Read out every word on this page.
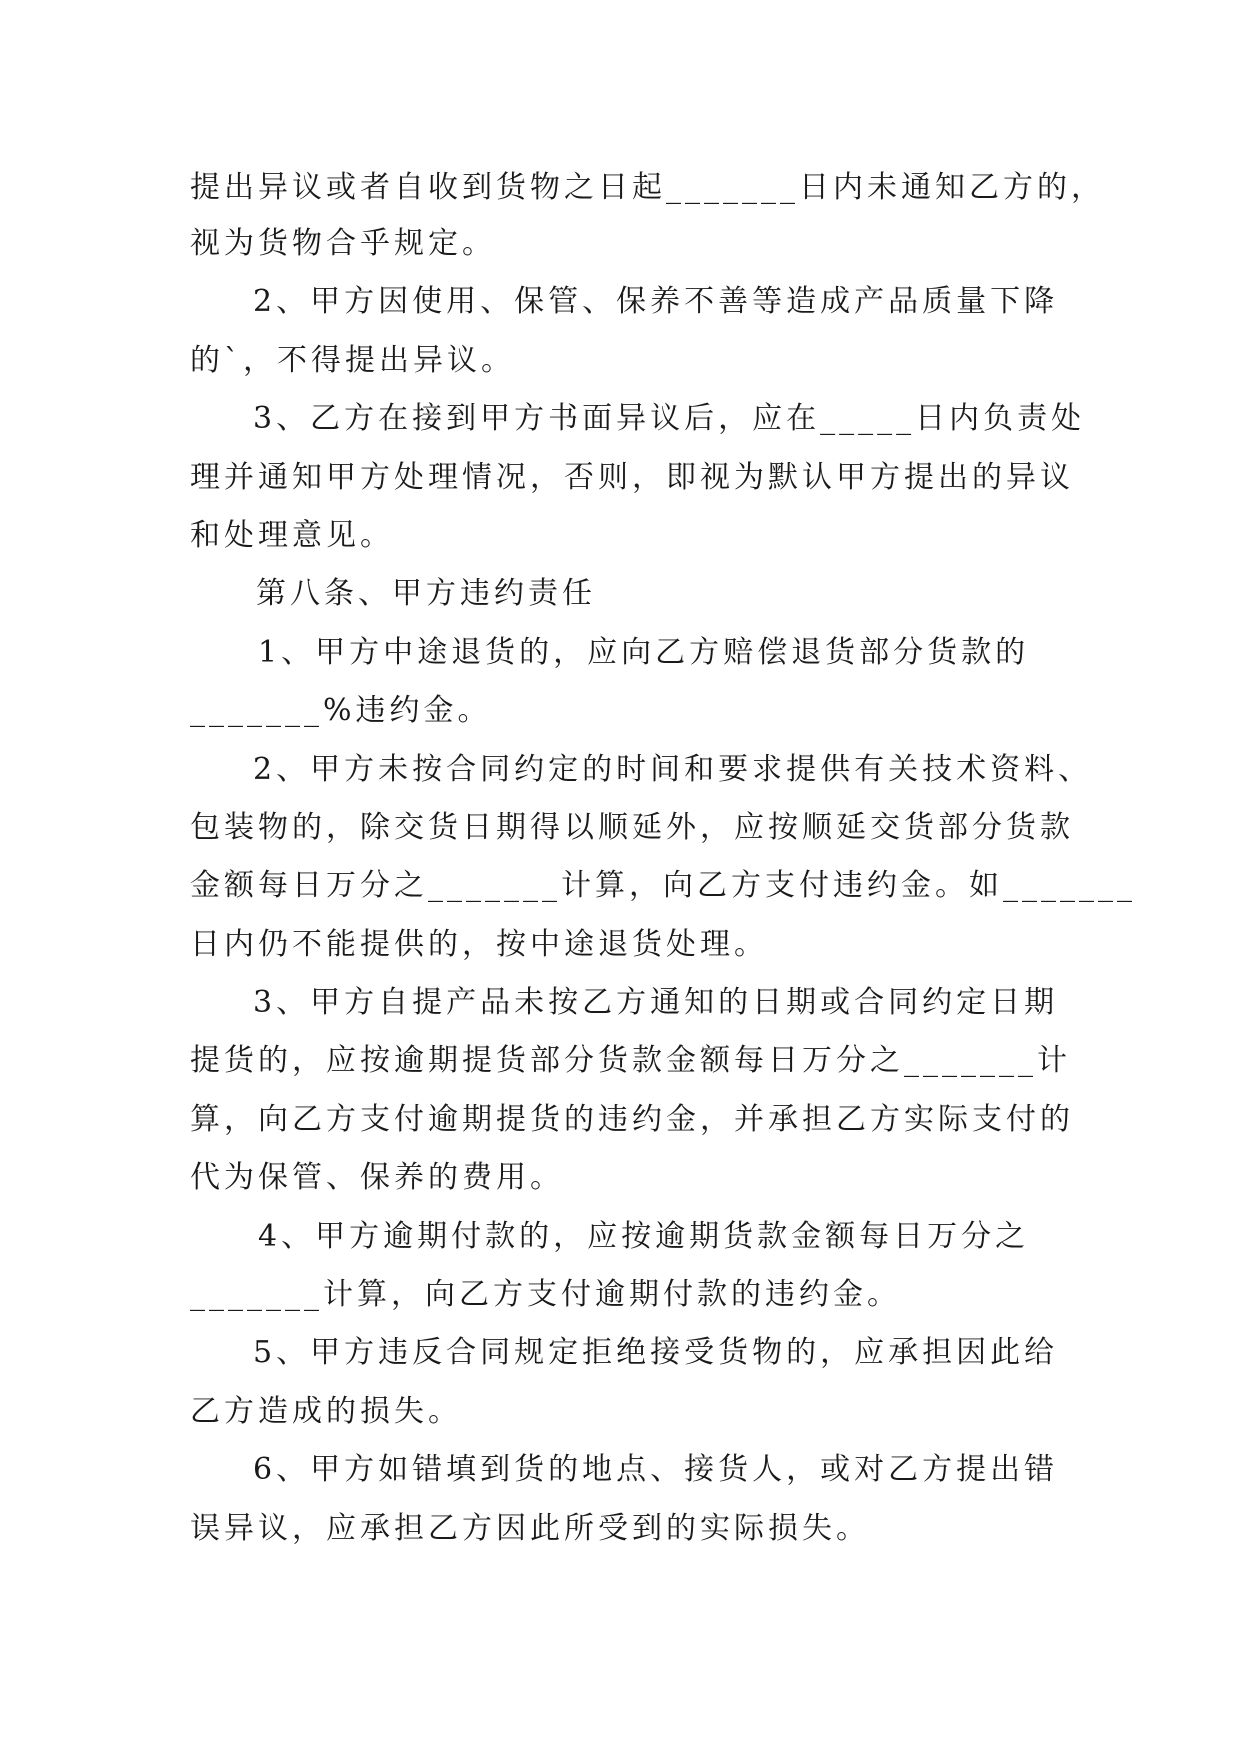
提出异议或者自收到货物之日起_______日内未通知乙方的，
视为货物合乎规定。
2、甲方因使用、保管、保养不善等造成产品质量下降
的`，不得提出异议。
3、乙方在接到甲方书面异议后，应在_____日内负责处
理并通知甲方处理情况，否则，即视为默认甲方提出的异议
和处理意见。
第八条、甲方违约责任
1、甲方中途退货的，应向乙方赔偿退货部分货款的
_______%违约金。
2、甲方未按合同约定的时间和要求提供有关技术资料、
包装物的，除交货日期得以顺延外，应按顺延交货部分货款
金额每日万分之_______计算，向乙方支付违约金。如_______
日内仍不能提供的，按中途退货处理。
3、甲方自提产品未按乙方通知的日期或合同约定日期
提货的，应按逾期提货部分货款金额每日万分之_______计
算，向乙方支付逾期提货的违约金，并承担乙方实际支付的
代为保管、保养的费用。
4、甲方逾期付款的，应按逾期货款金额每日万分之
_______计算，向乙方支付逾期付款的违约金。
5、甲方违反合同规定拒绝接受货物的，应承担因此给
乙方造成的损失。
6、甲方如错填到货的地点、接货人，或对乙方提出错
误异议，应承担乙方因此所受到的实际损失。
